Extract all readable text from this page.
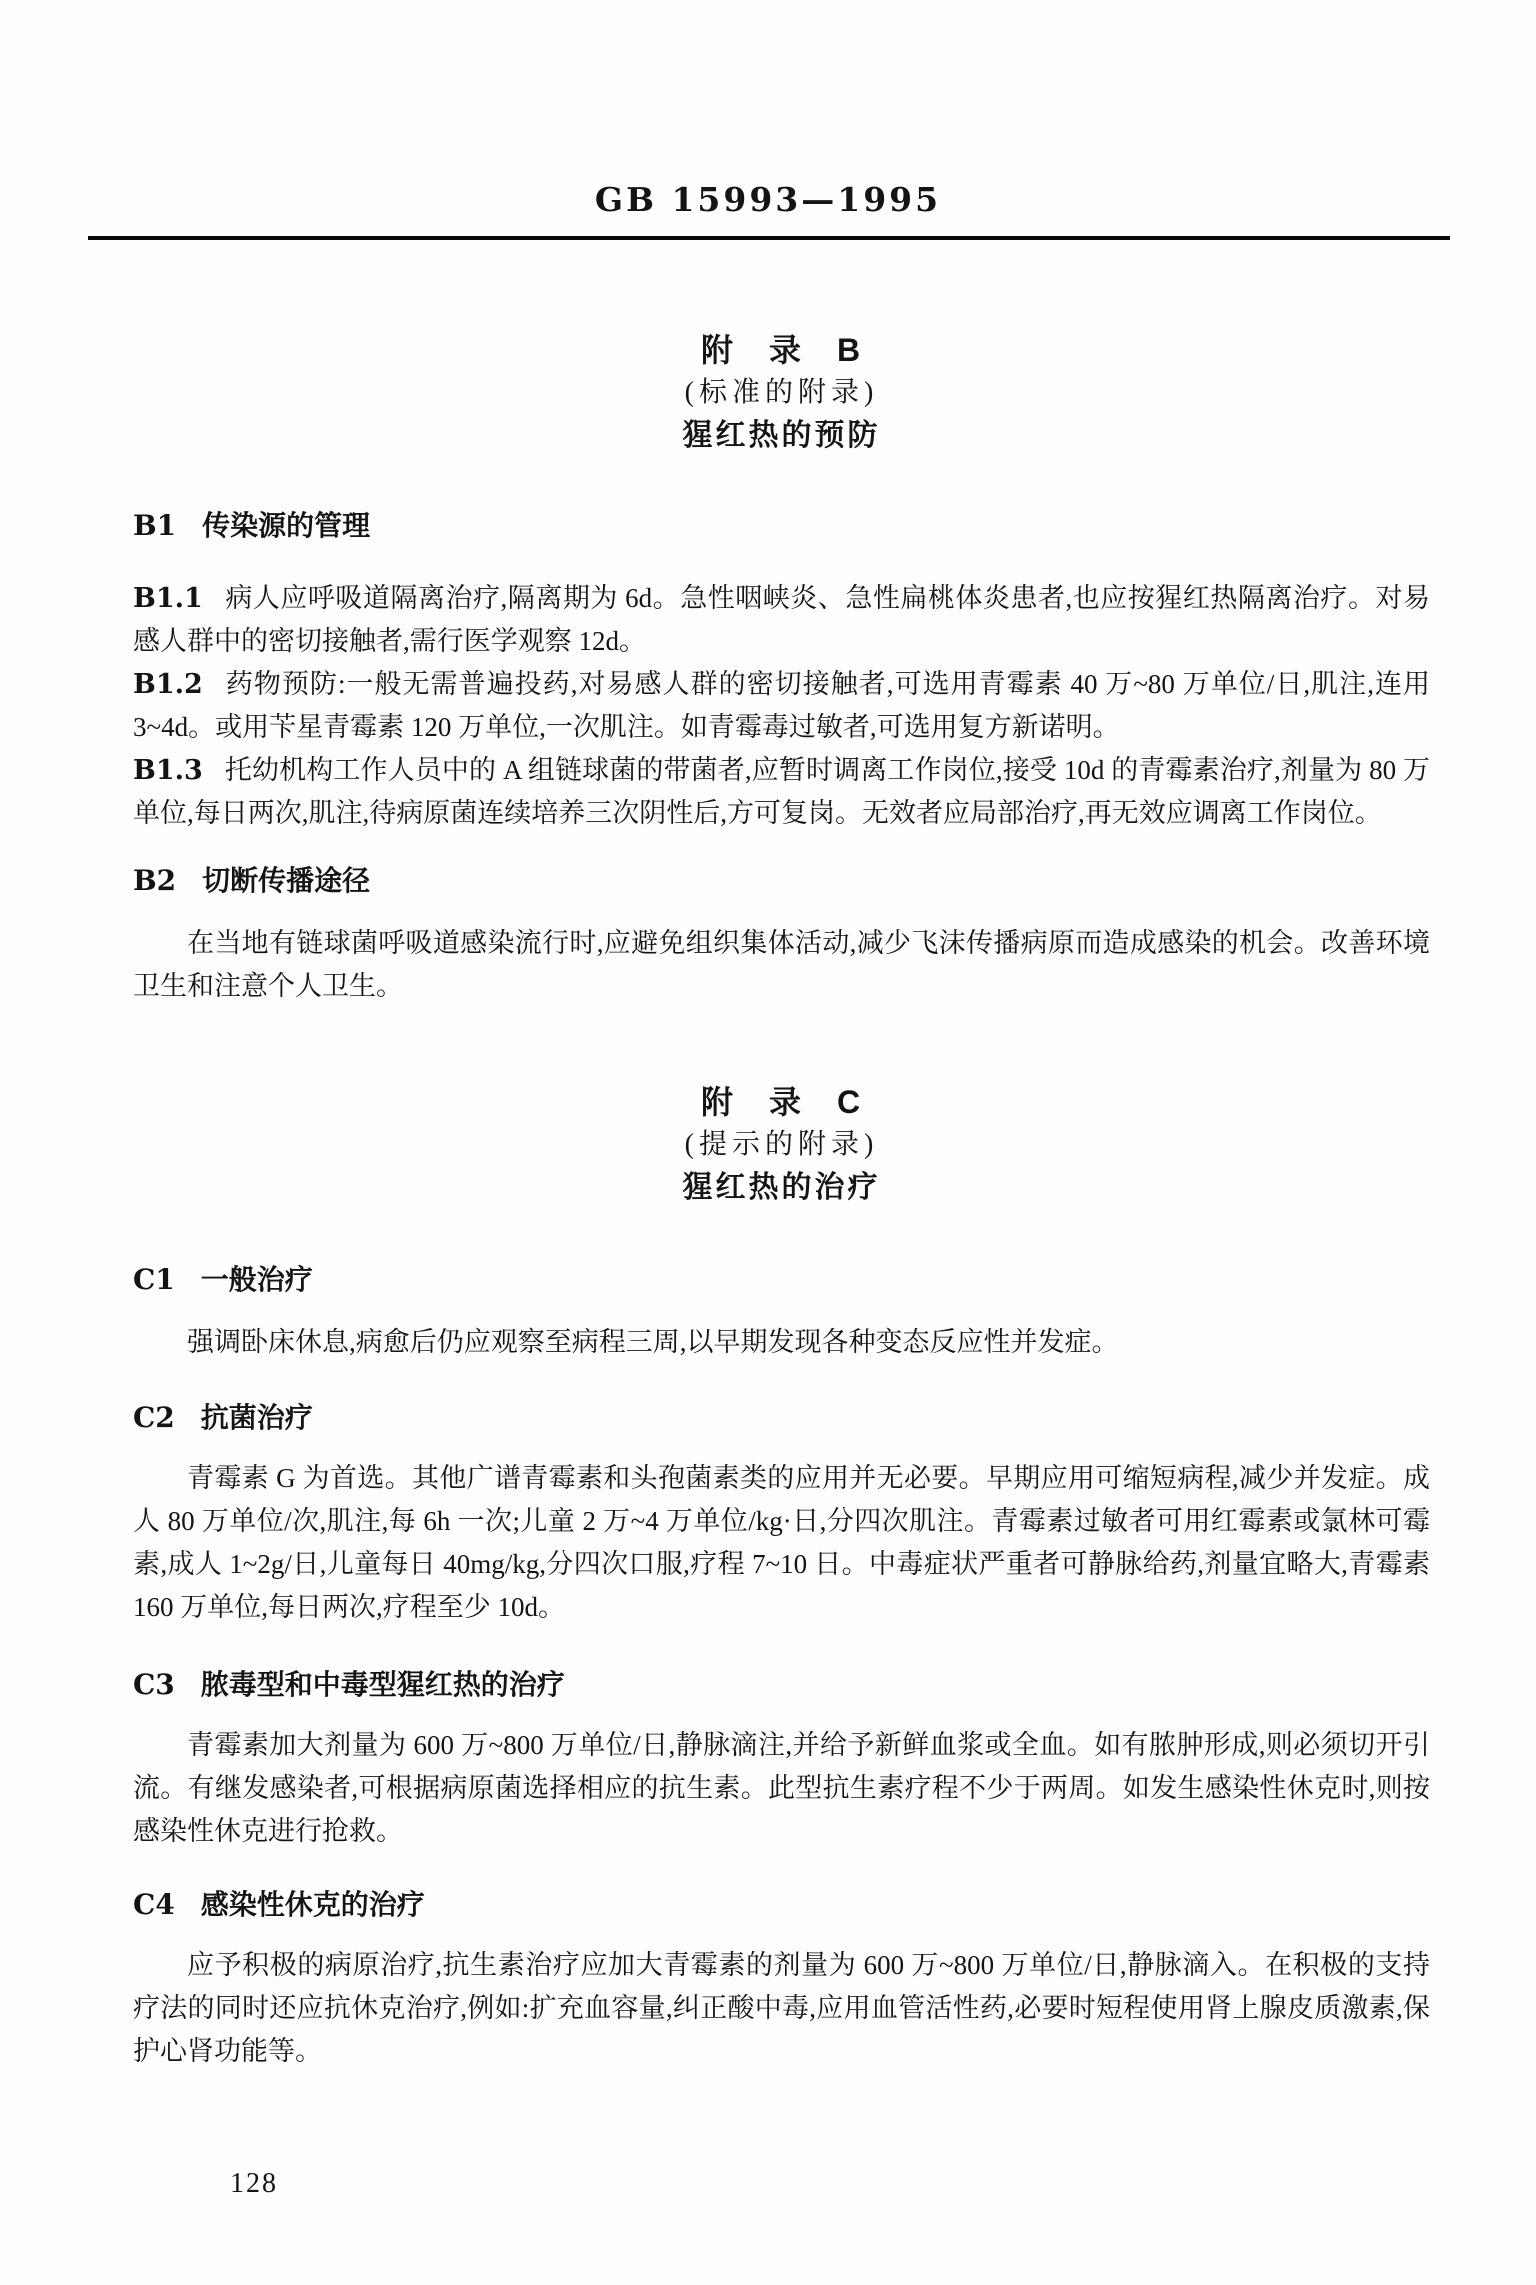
GB 15993—1995
附　录　B
(标准的附录)
猩红热的预防
B1 传染源的管理

B1.1 病人应呼吸道隔离治疗,隔离期为 6d。急性咽峡炎、急性扁桃体炎患者,也应按猩红热隔离治疗。对易感人群中的密切接触者,需行医学观察 12d。

B1.2 药物预防:一般无需普遍投药,对易感人群的密切接触者,可选用青霉素 40 万~80 万单位/日,肌注,连用 3~4d。或用苄星青霉素 120 万单位,一次肌注。如青霉毒过敏者,可选用复方新诺明。

B1.3 托幼机构工作人员中的 A 组链球菌的带菌者,应暂时调离工作岗位,接受 10d 的青霉素治疗,剂量为 80 万单位,每日两次,肌注,待病原菌连续培养三次阴性后,方可复岗。无效者应局部治疗,再无效应调离工作岗位。

B2 切断传播途径

在当地有链球菌呼吸道感染流行时,应避免组织集体活动,减少飞沫传播病原而造成感染的机会。改善环境卫生和注意个人卫生。

附　录　C
(提示的附录)
猩红热的治疗
C1 一般治疗

强调卧床休息,病愈后仍应观察至病程三周,以早期发现各种变态反应性并发症。

C2 抗菌治疗

青霉素 G 为首选。其他广谱青霉素和头孢菌素类的应用并无必要。早期应用可缩短病程,减少并发症。成人 80 万单位/次,肌注,每 6h 一次;儿童 2 万~4 万单位/kg·日,分四次肌注。青霉素过敏者可用红霉素或氯林可霉素,成人 1~2g/日,儿童每日 40mg/kg,分四次口服,疗程 7~10 日。中毒症状严重者可静脉给药,剂量宜略大,青霉素 160 万单位,每日两次,疗程至少 10d。

C3 脓毒型和中毒型猩红热的治疗

青霉素加大剂量为 600 万~800 万单位/日,静脉滴注,并给予新鲜血浆或全血。如有脓肿形成,则必须切开引流。有继发感染者,可根据病原菌选择相应的抗生素。此型抗生素疗程不少于两周。如发生感染性休克时,则按感染性休克进行抢救。

C4 感染性休克的治疗

应予积极的病原治疗,抗生素治疗应加大青霉素的剂量为 600 万~800 万单位/日,静脉滴入。在积极的支持疗法的同时还应抗休克治疗,例如:扩充血容量,纠正酸中毒,应用血管活性药,必要时短程使用肾上腺皮质激素,保护心肾功能等。

128
